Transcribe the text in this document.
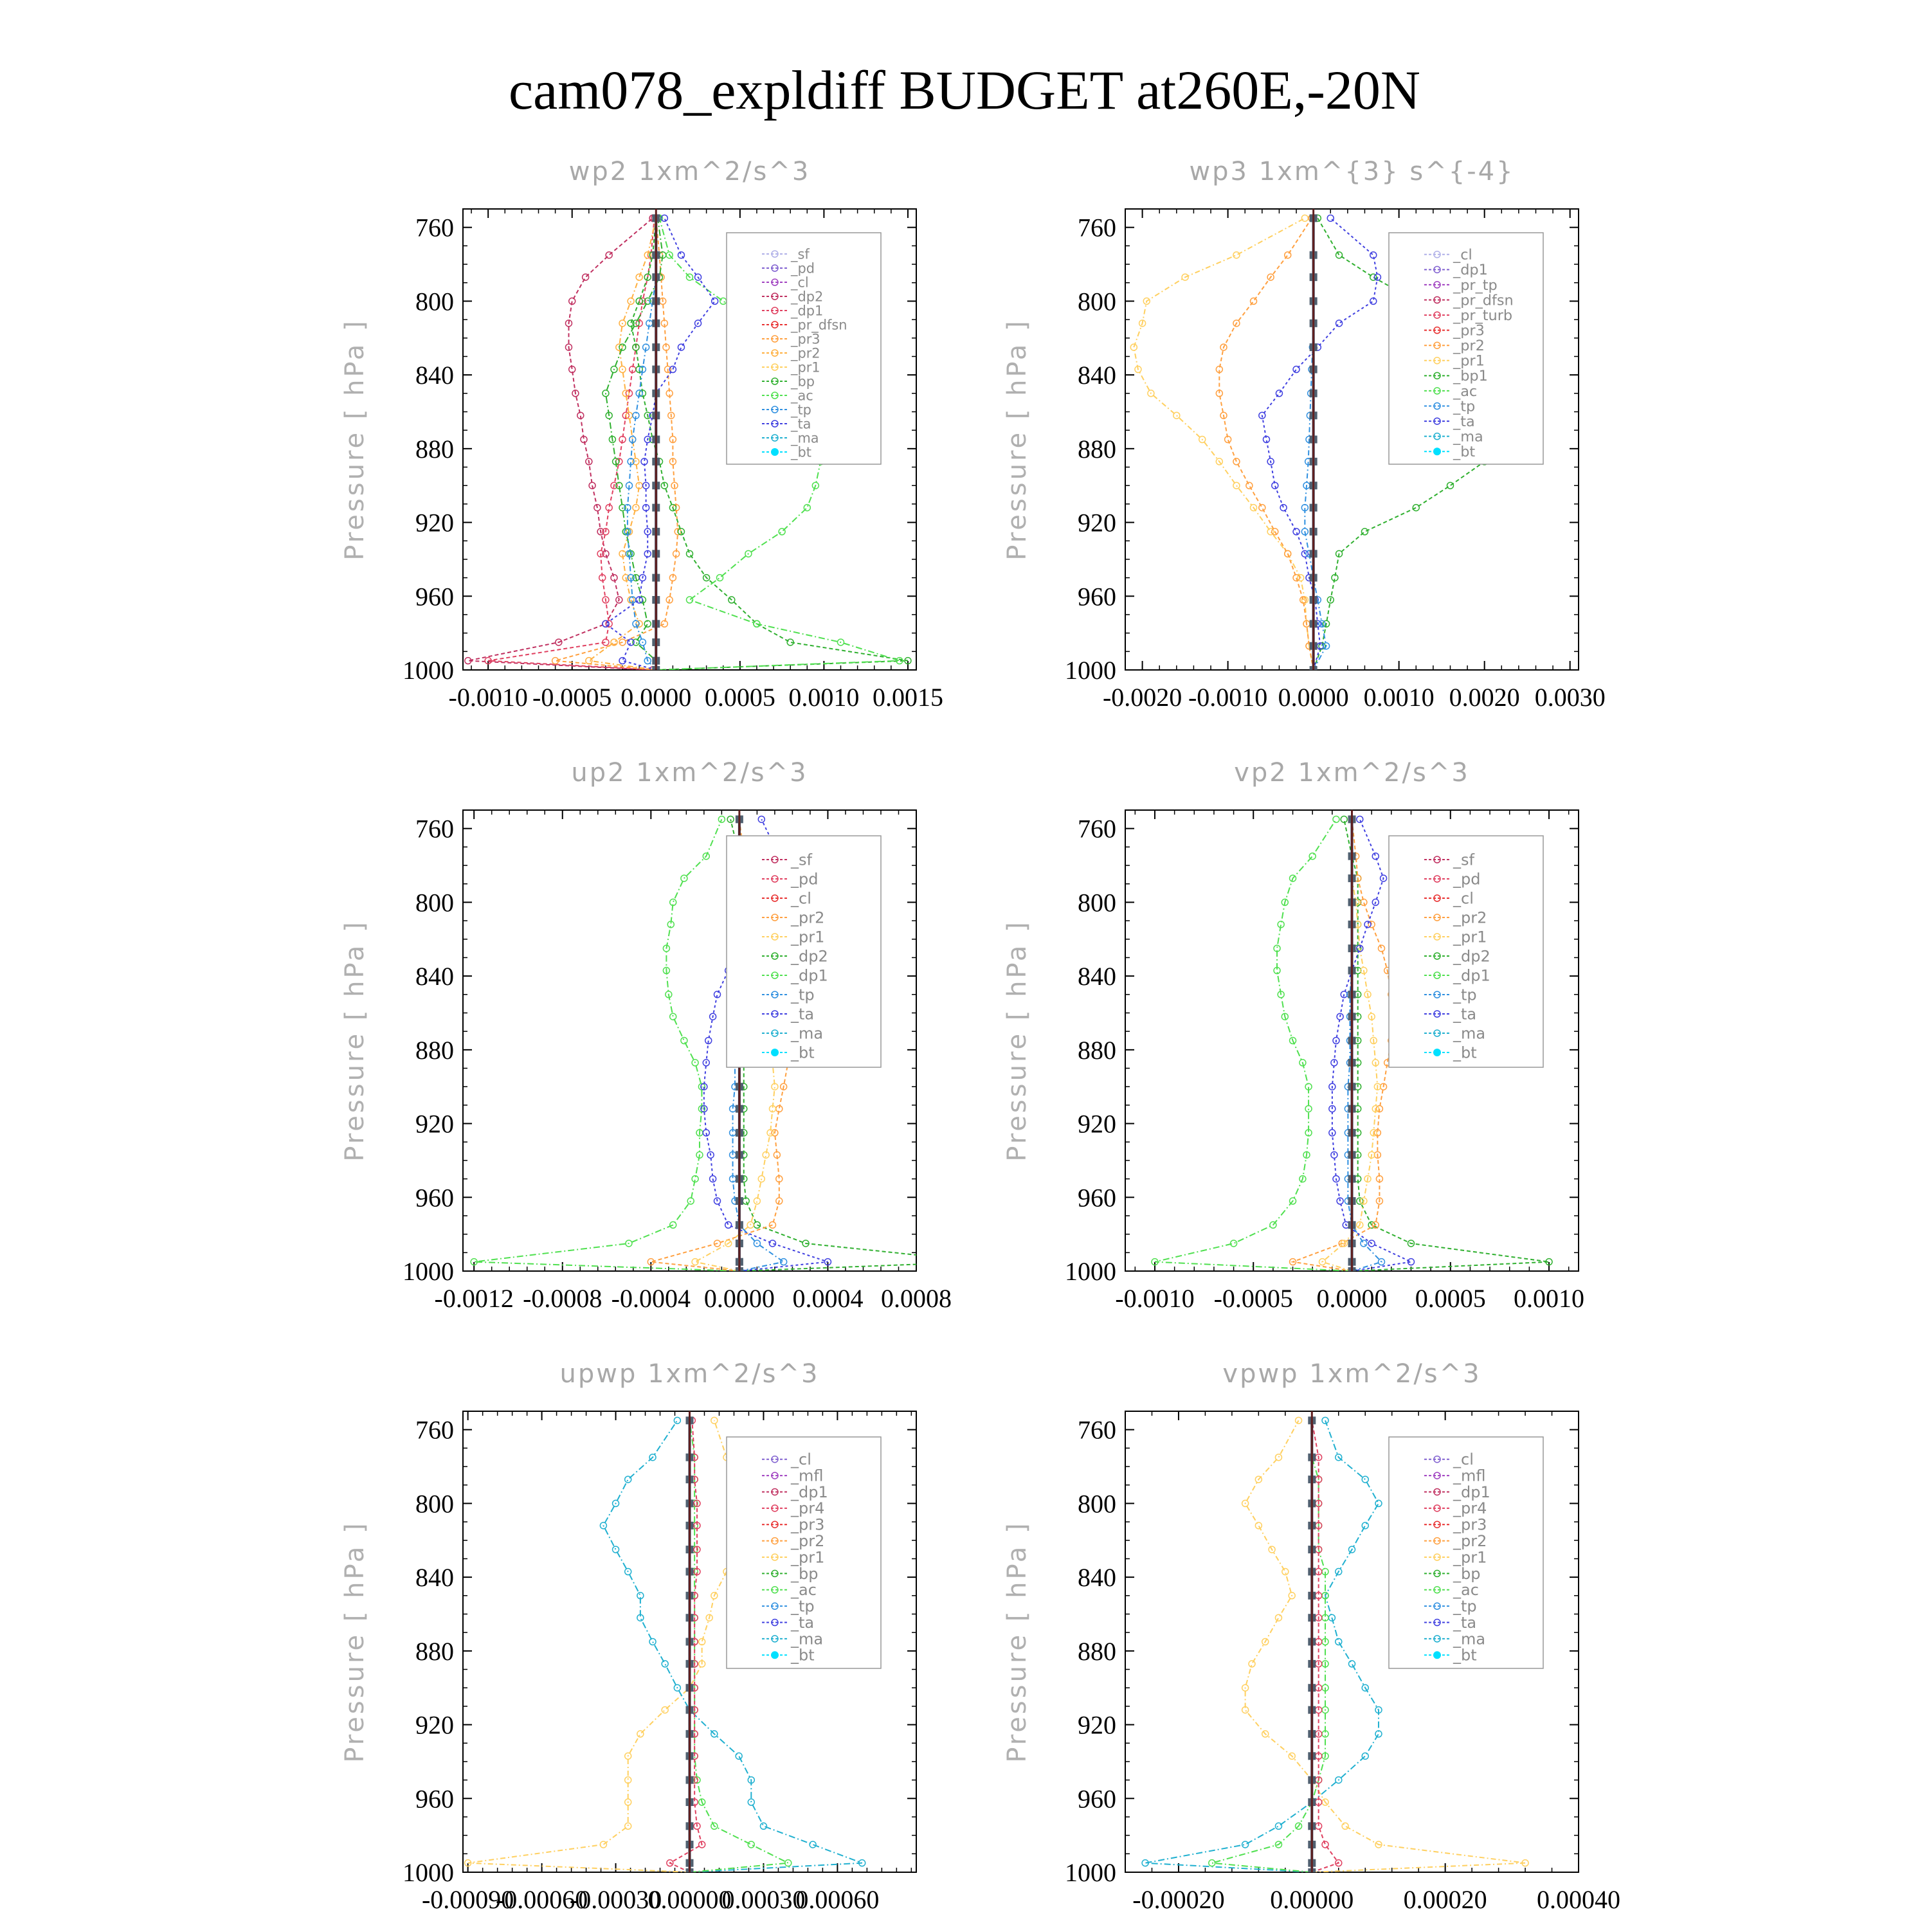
cam078_expldiff BUDGET at260E,-20N
wp2 1xm^2/s^3
Pressure [ hPa ]
760
800
840
880
920
960
1000
-0.0010 -0.0005 0.0000 0.0005 0.0010 0.0015
_sf
_pd
_cl
_dp2
_dp1
_pr_dfsn
_pr3
_pr2
_pr1
_bp
_ac
_tp
_ta
_ma
_bt
wp3 1xm^{3} s^{-4}
Pressure [ hPa ]
760
800
840
880
920
960
1000
-0.0020 -0.0010 0.0000 0.0010 0.0020 0.0030
_cl
_dp1
_pr_tp
_pr_dfsn
_pr_turb
_pr3
_pr2
_pr1
_bp1
_ac
_tp
_ta
_ma
_bt
up2 1xm^2/s^3
Pressure [ hPa ]
760
800
840
880
920
960
1000
-0.0012 -0.0008 -0.0004 0.0000 0.0004 0.0008
_sf
_pd
_cl
_pr2
_pr1
_dp2
_dp1
_tp
_ta
_ma
_bt
vp2 1xm^2/s^3
Pressure [ hPa ]
760
800
840
880
920
960
1000
-0.0010 -0.0005 0.0000 0.0005 0.0010
_sf
_pd
_cl
_pr2
_pr1
_dp2
_dp1
_tp
_ta
_ma
_bt
upwp 1xm^2/s^3
Pressure [ hPa ]
760
800
840
880
920
960
1000
-0.00090
-0.00060
-0.00030
0.00000
0.00030
0.00060
_cl
_mfl
_dp1
_pr4
_pr3
_pr2
_pr1
_bp
_ac
_tp
_ta
_ma
_bt
vpwp 1xm^2/s^3
Pressure [ hPa ]
760
800
840
880
920
960
1000
-0.00020 0.00000 0.00020 0.00040
_cl
_mfl
_dp1
_pr4
_pr3
_pr2
_pr1
_bp
_ac
_tp
_ta
_ma
_bt
